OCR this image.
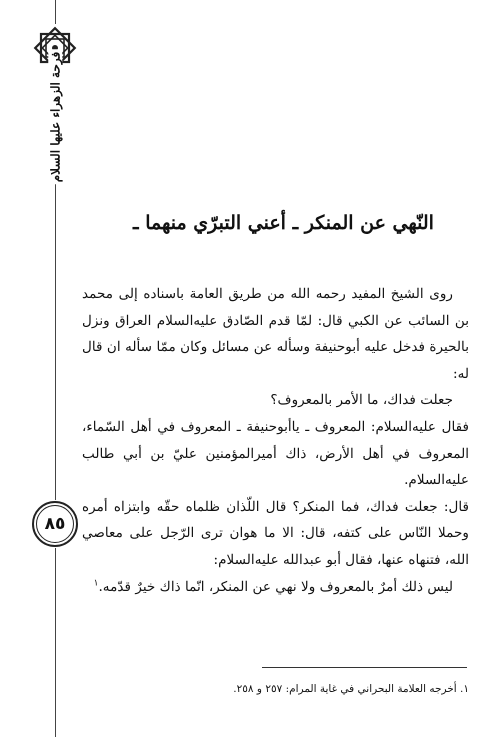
فرحة الزهراء عليها السلام
٨٥
النّهي عن المنكر ـ أعني التبرّي منهما ـ

روى الشيخ المفيد رحمه الله من طريق العامة باسناده إلى محمد بن السائب عن الكبي قال: لمّا قدم الصّادق عليه‌السلام العراق ونزل بالحيرة فدخل عليه أبوحنيفة وسأله عن مسائل وكان ممّا سأله ان قال له:

جعلت فداك، ما الأمر بالمعروف؟

فقال عليه‌السلام: المعروف ـ ياأبوحنيفة ـ المعروف في أهل السّماء، المعروف في أهل الأرض، ذاك أميرالمؤمنين عليّ بن أبي طالب عليه‌السلام.

قال: جعلت فداك، فما المنكر؟ قال اللّذان ظلماه حقّه وابتزاه أمره وحملا النّاس على كتفه، قال: الا ما هوان ترى الرّجل على معاصي الله، فتنهاه عنها، فقال أبو عبدالله عليه‌السلام:

ليس ذلك أمرٌ بالمعروف ولا نهي عن المنكر، انّما ذاك خيرٌ قدّمه.$^١$

١. أخرجه العلامة البحراني في غاية المرام: ٢٥٧ و ٢٥٨.
